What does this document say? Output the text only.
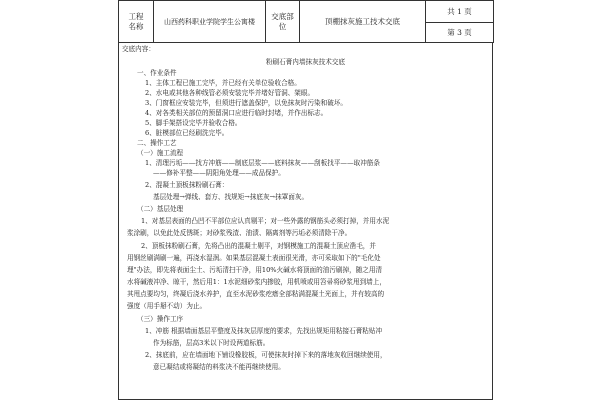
工程名称	山西药科职业学院学生公寓楼	交底部位	顶棚抹灰施工技术交底	共 1 页
第 3 页
交底内容：
粉刷石膏内墙抹灰技术交底
一、作业条件
1、主体工程已施工完毕，并已经有关单位验收合格。
2、水电或其他各种线管必须安装完毕并堵好管洞、架眼。
3、门窗框应安装完毕，但须进行遮盖保护，以免抹灰时污染和破坏。
4、对各类相关部位的预留洞口应进行临时封堵，并作出标志。
5、脚手架搭设完毕并验收合格。
6、脏模部位已经刷洗完毕。
二、操作工艺
（一）施工流程
1、清理污垢——找方冲筋——制底层浆——底料抹灰——刮板找平——取冲筋条
——修补平整——阴阳角处理——成品保护。
2、混凝土顶板抹粉刷石膏：
基层处理→弹线、套方、找规矩→抹底灰→抹罩面灰。
（二）基层处理
1、对基层表面的凸凹不平部位应认真剔平；对一些外露的钢筋头必须打掉，并用水泥
浆涂刷，以免此处反锈斑；对砂浆残渣、油渍、隔离剂等污垢必须清除干净。
2、顶板抹粉刷石膏，先将凸出的混凝土剔平，对钢模施工的混凝土顶应凿毛，并
用钢丝刷满刷一遍，再浇水湿润。如果基层混凝土表面很光滑，亦可采取如下的"毛化处
理"办法，即先将表面尘土、污垢清扫干净，用10%火碱水将顶面的油污刷掉，随之用清
水将碱液冲净、晾干，然后用1：1水泥细砂浆内掺胶，用机喷或用笤帚将砂浆甩到墙上，
其甩点要均匀，终凝后浇水养护，直至水泥砂浆疙瘩全部粘满混凝土光面上，并有较高的
强度（用手掰不动）为止。
（三）操作工序
1、冲筋 根据墙面基层平整度及抹灰层厚度的要求，先找出规矩用粘接石膏粘贴冲
作为标筋，层高3米以下时设两道标筋。
2、抹底前，应在墙面地下铺设橡胶板，可使抹灰时掉下来的落地灰收回继续使用，
意已凝结或将凝结的料浆决不能再继续使用。
